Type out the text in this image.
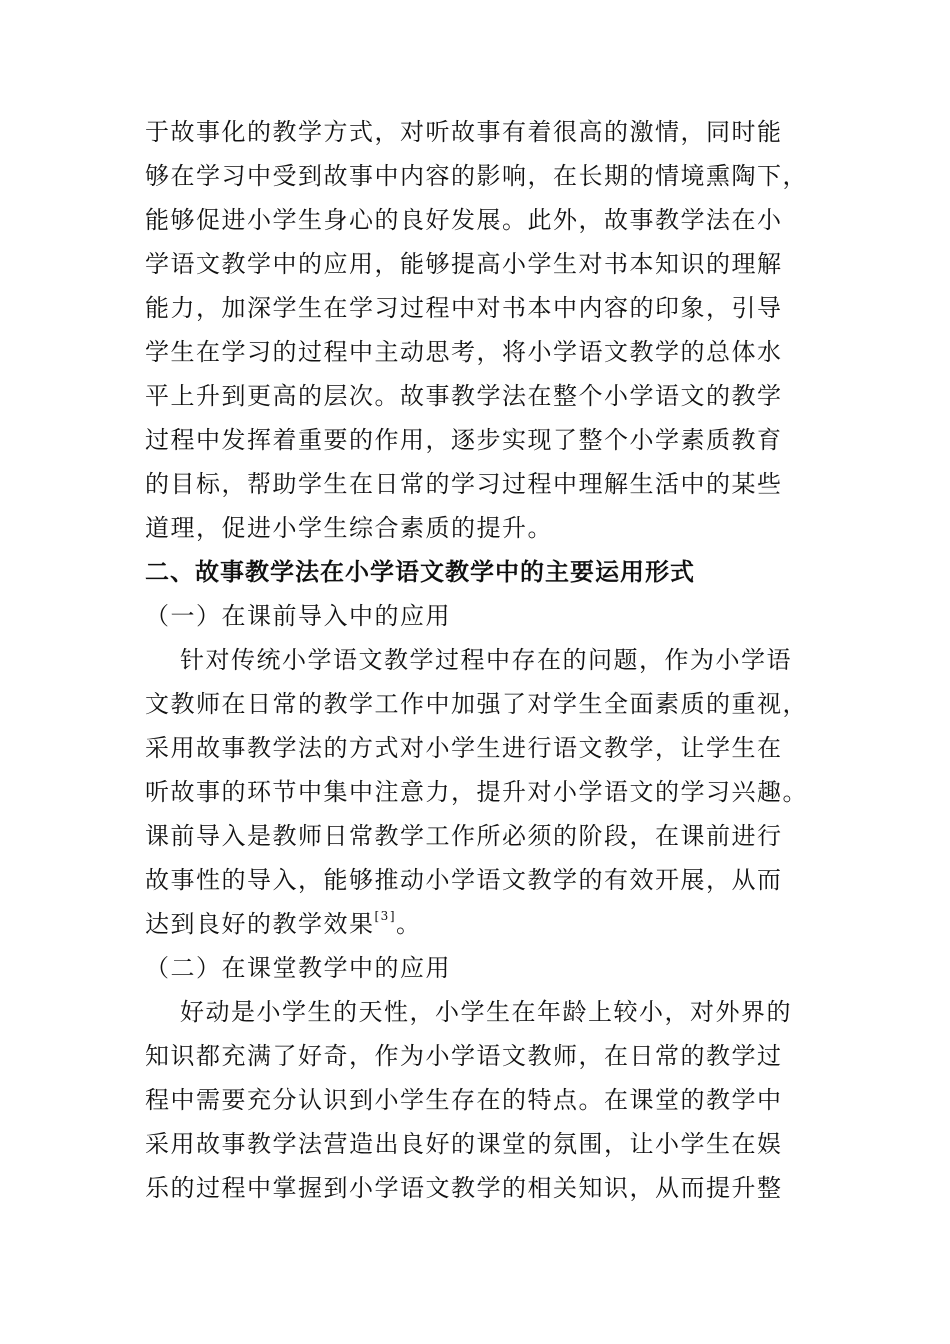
于故事化的教学方式，对听故事有着很高的激情，同时能
够在学习中受到故事中内容的影响，在长期的情境熏陶下，
能够促进小学生身心的良好发展。此外，故事教学法在小
学语文教学中的应用，能够提高小学生对书本知识的理解
能力，加深学生在学习过程中对书本中内容的印象，引导
学生在学习的过程中主动思考，将小学语文教学的总体水
平上升到更高的层次。故事教学法在整个小学语文的教学
过程中发挥着重要的作用，逐步实现了整个小学素质教育
的目标，帮助学生在日常的学习过程中理解生活中的某些
道理，促进小学生综合素质的提升。
二、故事教学法在小学语文教学中的主要运用形式
（一）在课前导入中的应用
针对传统小学语文教学过程中存在的问题，作为小学语
文教师在日常的教学工作中加强了对学生全面素质的重视，
采用故事教学法的方式对小学生进行语文教学，让学生在
听故事的环节中集中注意力，提升对小学语文的学习兴趣。
课前导入是教师日常教学工作所必须的阶段，在课前进行
故事性的导入，能够推动小学语文教学的有效开展，从而
达到良好的教学效果[3]。
（二）在课堂教学中的应用
好动是小学生的天性，小学生在年龄上较小，对外界的
知识都充满了好奇，作为小学语文教师，在日常的教学过
程中需要充分认识到小学生存在的特点。在课堂的教学中
采用故事教学法营造出良好的课堂的氛围，让小学生在娱
乐的过程中掌握到小学语文教学的相关知识，从而提升整
